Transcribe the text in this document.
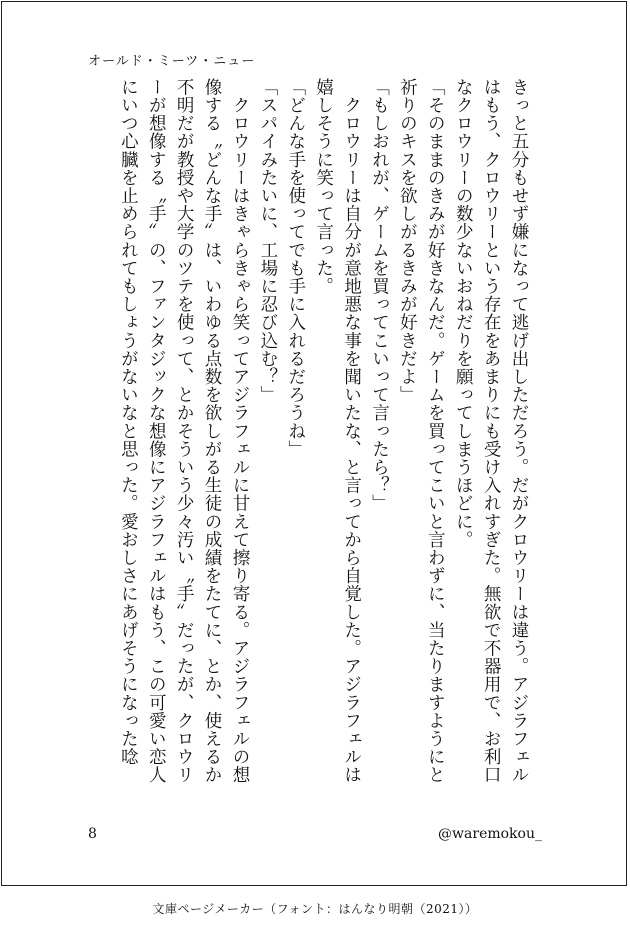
オールド・ミーツ・ニュー

きっと五分もせず嫌になって逃げ出しただろう。だがクロウリーは違う。アジラフェルはもう、クロウリーという存在をあまりにも受け入れすぎた。無欲で不器用で、お利口なクロウリーの数少ないおねだりを願ってしまうほどに。

「そのままのきみが好きなんだ。ゲームを買ってこいと言わずに、当たりますようにと祈りのキスを欲しがるきみが好きだよ」

「もしおれが、ゲームを買ってこいって言ったら？」

　クロウリーは自分が意地悪な事を聞いたな、と言ってから自覚した。アジラフェルは嬉しそうに笑って言った。

「どんな手を使ってでも手に入れるだろうね」

「スパイみたいに、工場に忍び込む？」

　クロウリーはきゃらきゃら笑ってアジラフェルに甘えて擦り寄る。アジラフェルの想像する〝どんな手〟は、いわゆる点数を欲しがる生徒の成績をたてに、とか、使えるか不明だが教授や大学のツテを使って、とかそういう少々汚い〝手〟だったが、クロウリーが想像する〝手〟の、ファンタジックな想像にアジラフェルはもう、この可愛い恋人にいつ心臓を止められてもしょうがないなと思った。愛おしさにあげそうになった唸

8	@waremokou_
文庫ページメーカー（フォント：はんなり明朝（2021））
